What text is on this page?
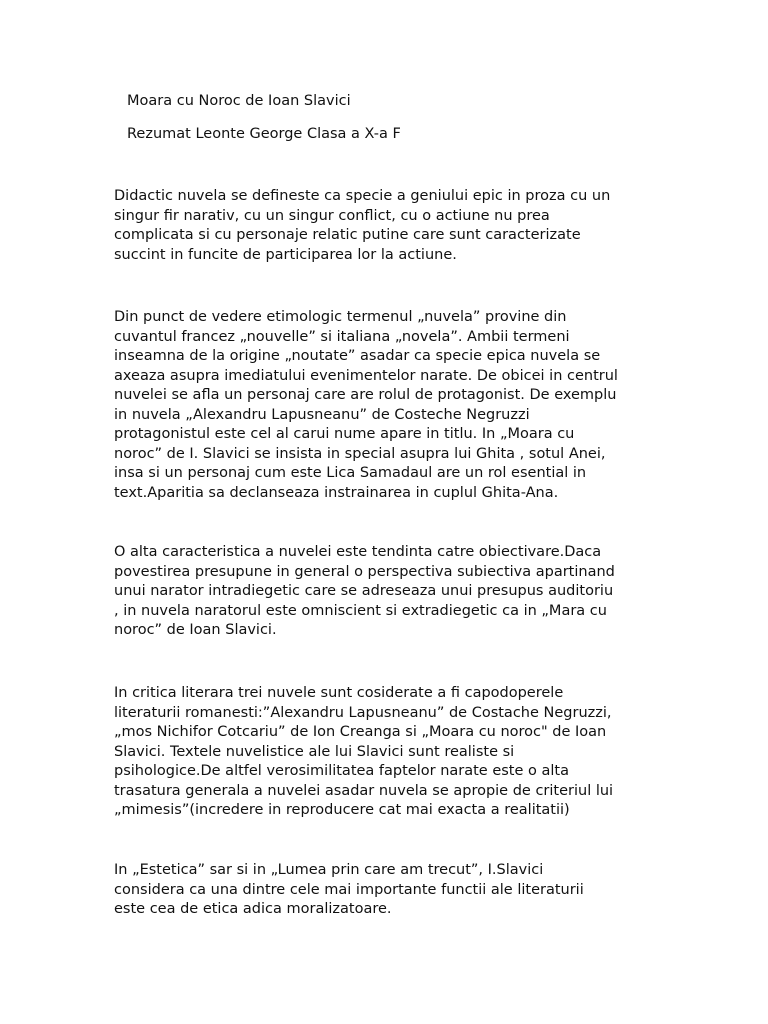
Moara cu Noroc de Ioan Slavici
Rezumat Leonte George Clasa a X-a F
Didactic nuvela se defineste ca specie a geniului epic in proza cu un
singur fir narativ, cu un singur conflict, cu o actiune nu prea
complicata si cu personaje relatic putine care sunt caracterizate
succint in funcite de participarea lor la actiune.
Din punct de vedere etimologic termenul „nuvela” provine din
cuvantul francez „nouvelle” si italiana „novela”. Ambii termeni
inseamna de la origine „noutate” asadar ca specie epica nuvela se
axeaza asupra imediatului evenimentelor narate. De obicei in centrul
nuvelei se afla un personaj care are rolul de protagonist. De exemplu
in nuvela „Alexandru Lapusneanu” de Costeche Negruzzi
protagonistul este cel al carui nume apare in titlu. In „Moara cu
noroc” de I. Slavici se insista in special asupra lui Ghita , sotul Anei,
insa si un personaj cum este Lica Samadaul are un rol esential in
text.Aparitia sa declanseaza instrainarea in cuplul Ghita-Ana.
O alta caracteristica a nuvelei este tendinta catre obiectivare.Daca
povestirea presupune in general o perspectiva subiectiva apartinand
unui narator intradiegetic care se adreseaza unui presupus auditoriu
, in nuvela naratorul este omniscient si extradiegetic ca in „Mara cu
noroc” de Ioan Slavici.
In critica literara trei nuvele sunt cosiderate a fi capodoperele
literaturii romanesti:”Alexandru Lapusneanu” de Costache Negruzzi,
„mos Nichifor Cotcariu” de Ion Creanga si „Moara cu noroc" de Ioan
Slavici. Textele nuvelistice ale lui Slavici sunt realiste si
psihologice.De altfel verosimilitatea faptelor narate este o alta
trasatura generala a nuvelei asadar nuvela se apropie de criteriul lui
„mimesis”(incredere in reproducere cat mai exacta a realitatii)
In „Estetica” sar si in „Lumea prin care am trecut”, I.Slavici
considera ca una dintre cele mai importante functii ale literaturii
este cea de etica adica moralizatoare.
